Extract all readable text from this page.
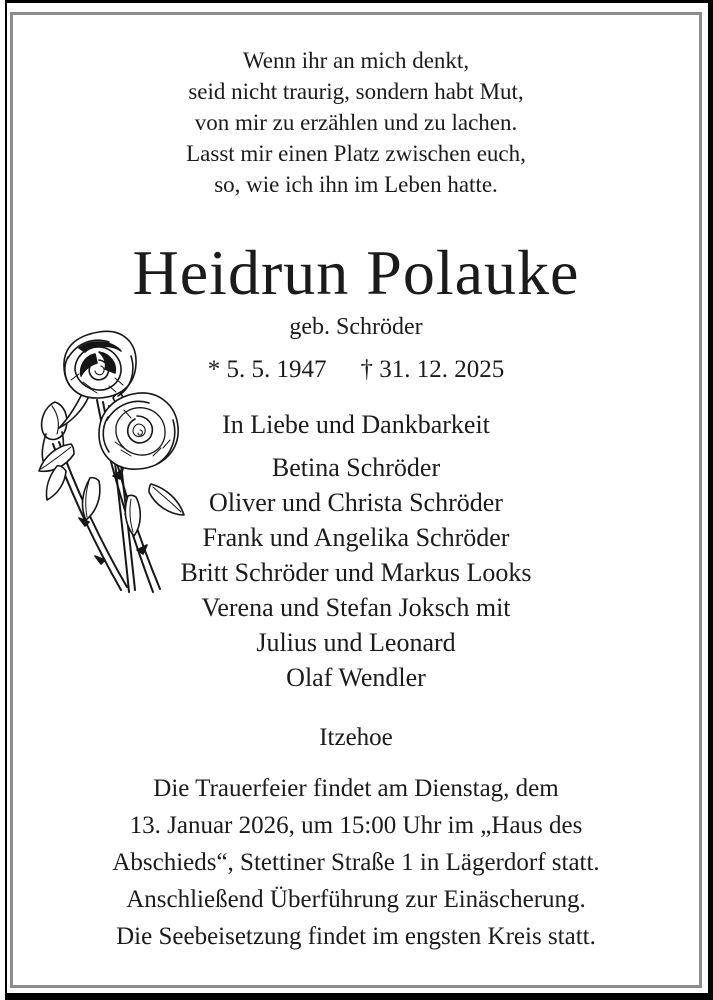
Wenn ihr an mich denkt,
seid nicht traurig, sondern habt Mut,
von mir zu erzählen und zu lachen.
Lasst mir einen Platz zwischen euch,
so, wie ich ihn im Leben hatte.
Heidrun Polauke
geb. Schröder
* 5. 5. 1947 † 31. 12. 2025
In Liebe und Dankbarkeit
Betina Schröder
Oliver und Christa Schröder
Frank und Angelika Schröder
Britt Schröder und Markus Looks
Verena und Stefan Joksch mit
Julius und Leonard
Olaf Wendler
Itzehoe
Die Trauerfeier findet am Dienstag, dem
13. Januar 2026, um 15:00 Uhr im „Haus des
Abschieds“, Stettiner Straße 1 in Lägerdorf statt.
Anschließend Überführung zur Einäscherung.
Die Seebeisetzung findet im engsten Kreis statt.
